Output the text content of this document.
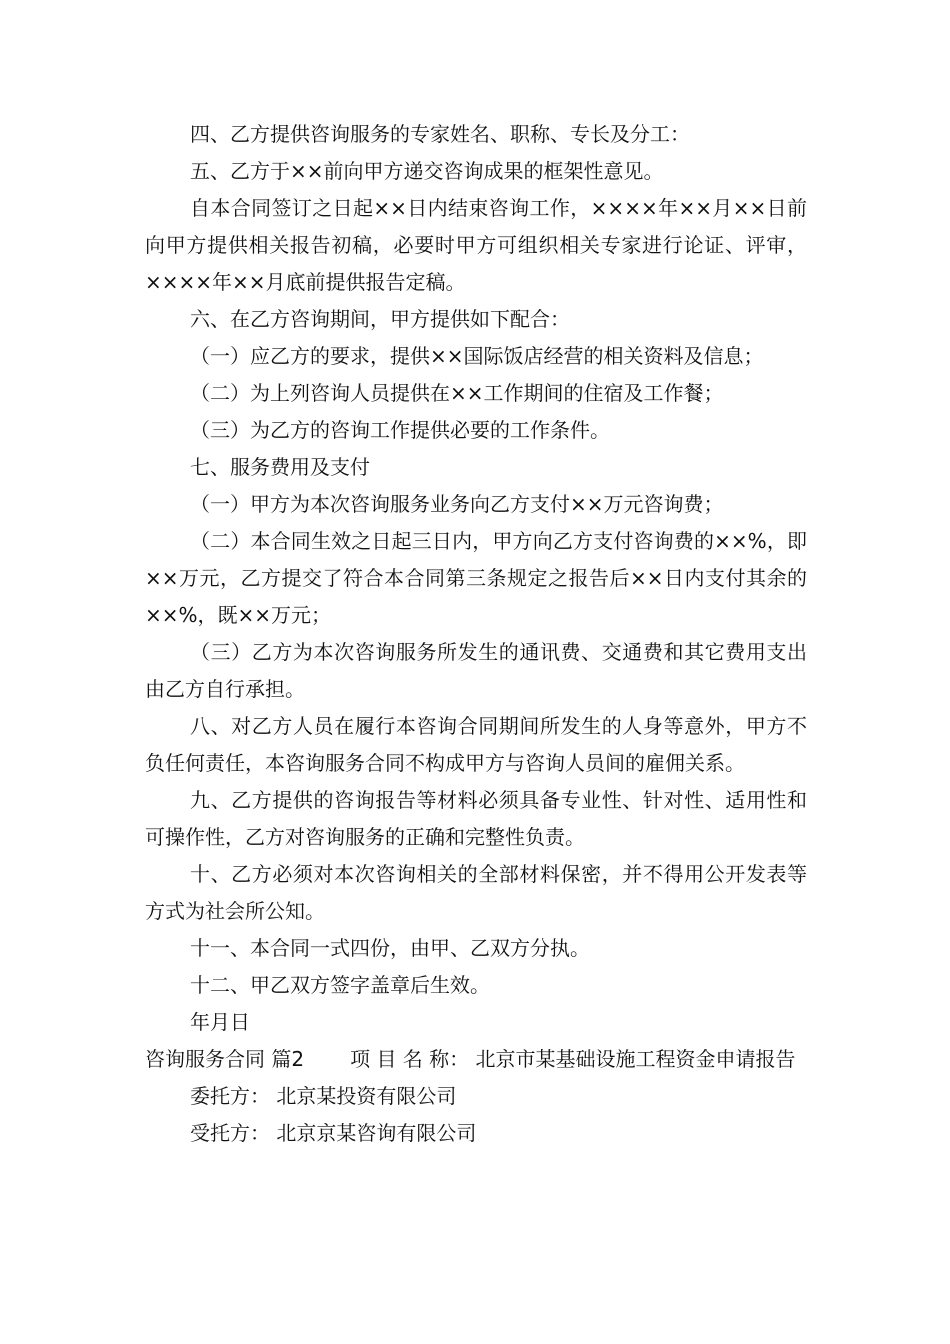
四、乙方提供咨询服务的专家姓名、职称、专长及分工：

五、乙方于××前向甲方递交咨询成果的框架性意见。

自本合同签订之日起××日内结束咨询工作，××××年××月××日前向甲方提供相关报告初稿，必要时甲方可组织相关专家进行论证、评审，××××年××月底前提供报告定稿。

六、在乙方咨询期间，甲方提供如下配合：

（一）应乙方的要求，提供××国际饭店经营的相关资料及信息；

（二）为上列咨询人员提供在××工作期间的住宿及工作餐；

（三）为乙方的咨询工作提供必要的工作条件。

七、服务费用及支付

（一）甲方为本次咨询服务业务向乙方支付××万元咨询费；

（二）本合同生效之日起三日内，甲方向乙方支付咨询费的××%，即××万元，乙方提交了符合本合同第三条规定之报告后××日内支付其余的××%，既××万元；

（三）乙方为本次咨询服务所发生的通讯费、交通费和其它费用支出由乙方自行承担。

八、对乙方人员在履行本咨询合同期间所发生的人身等意外，甲方不负任何责任，本咨询服务合同不构成甲方与咨询人员间的雇佣关系。

九、乙方提供的咨询报告等材料必须具备专业性、针对性、适用性和可操作性，乙方对咨询服务的正确和完整性负责。

十、乙方必须对本次咨询相关的全部材料保密，并不得用公开发表等方式为社会所公知。

十一、本合同一式四份，由甲、乙双方分执。

十二、甲乙双方签字盖章后生效。

年月日

咨询服务合同 篇2 项 目 名 称： 北京市某基础设施工程资金申请报告

委托方： 北京某投资有限公司

受托方： 北京京某咨询有限公司
